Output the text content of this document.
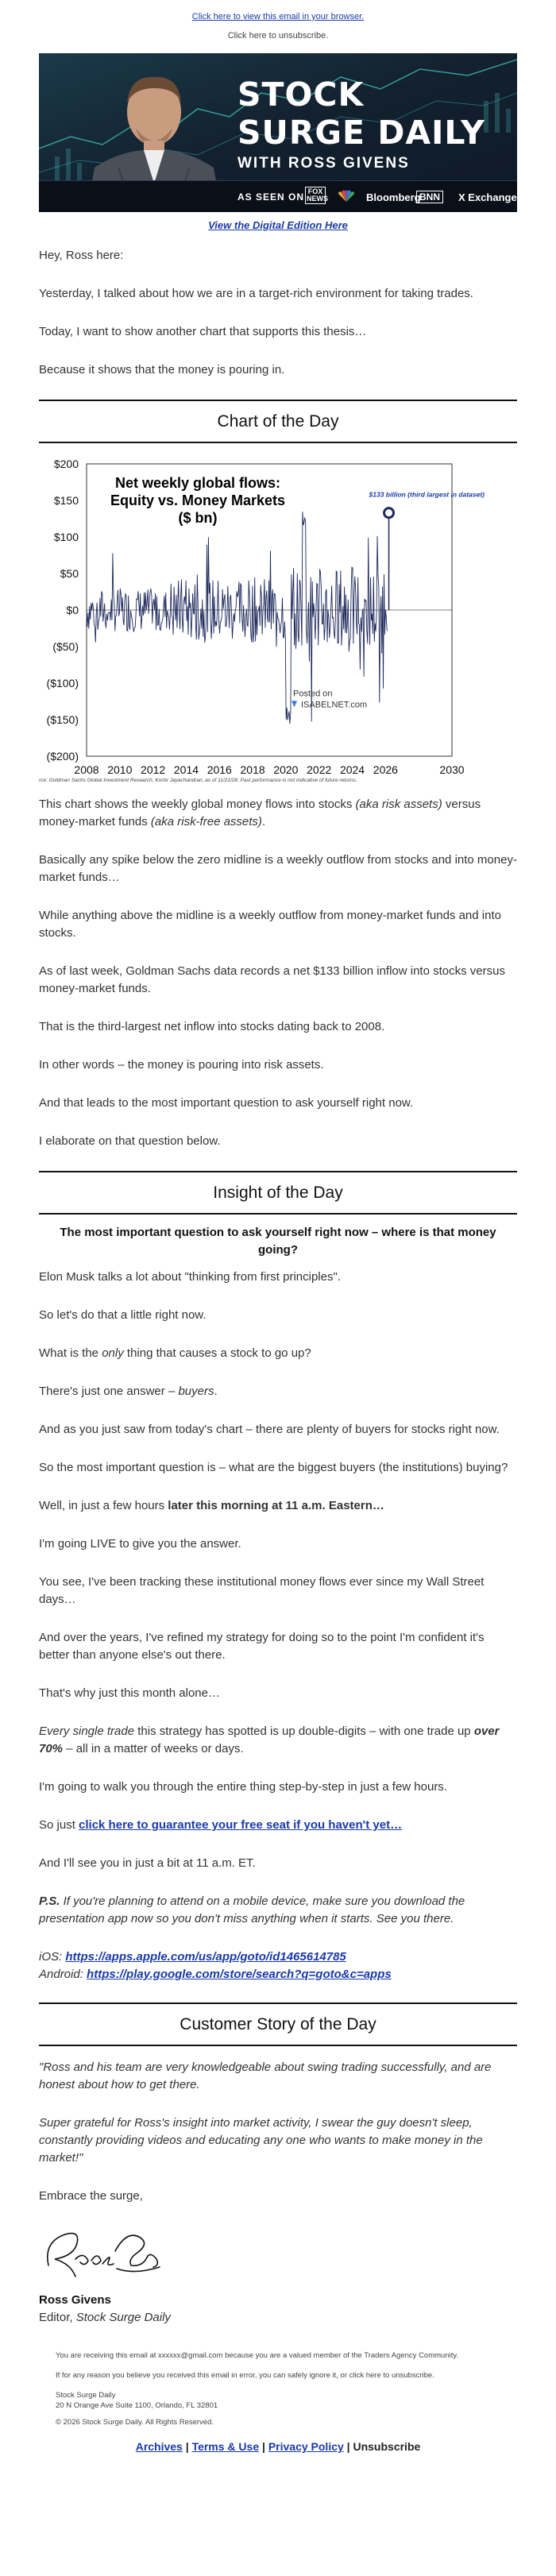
Click here to view this email in your browser.
Click here to unsubscribe.
STOCK
SURGE DAILY
WITH ROSS GIVENS
AS SEEN ON FOX NEWS	Bloomberg
BNN	X Exchange
View the Digital Edition Here

Hey, Ross here:

Yesterday, I talked about how we are in a target-rich environment for taking trades.

Today, I want to show another chart that supports this thesis…

Because it shows that the money is pouring in.

Chart of the Day
$200
$150
$100
$50
$0
($50)
($100)
($150)
($200)
2008 2010 2012 2014 2016 2018 2020 2022 2024 2026	2030
$133 billion (third largest in dataset)
Net weekly global flows:
Equity vs. Money Markets
($ bn)
Posted on
ISABELNET.com
rce: Goldman Sachs Global Investment Research, Kortix Jayachandran, as of 11/21/28. Past performance is not indicative of future returns.

This chart shows the weekly global money flows into stocks (aka risk assets) versus money-market funds (aka risk-free assets).

Basically any spike below the zero midline is a weekly outflow from stocks and into money-market funds…

While anything above the midline is a weekly outflow from money-market funds and into stocks.

As of last week, Goldman Sachs data records a net $133 billion inflow into stocks versus money-market funds.

That is the third-largest net inflow into stocks dating back to 2008.

In other words – the money is pouring into risk assets.

And that leads to the most important question to ask yourself right now.

I elaborate on that question below.

Insight of the Day

The most important question to ask yourself right now – where is that money going?

Elon Musk talks a lot about "thinking from first principles".

So let's do that a little right now.

What is the only thing that causes a stock to go up?

There's just one answer – buyers.

And as you just saw from today's chart – there are plenty of buyers for stocks right now.

So the most important question is – what are the biggest buyers (the institutions) buying?

Well, in just a few hours later this morning at 11 a.m. Eastern…

I'm going LIVE to give you the answer.

You see, I've been tracking these institutional money flows ever since my Wall Street days…

And over the years, I've refined my strategy for doing so to the point I'm confident it's better than anyone else's out there.

That's why just this month alone…

Every single trade this strategy has spotted is up double-digits – with one trade up over 70% – all in a matter of weeks or days.

I'm going to walk you through the entire thing step-by-step in just a few hours.

So just click here to guarantee your free seat if you haven't yet…

And I'll see you in just a bit at 11 a.m. ET.

P.S. If you're planning to attend on a mobile device, make sure you download the presentation app now so you don't miss anything when it starts. See you there.

iOS: https://apps.apple.com/us/app/goto/id1465614785

Android: https://play.google.com/store/search?q=goto&c=apps

Customer Story of the Day

"Ross and his team are very knowledgeable about swing trading successfully, and are honest about how to get there.

Super grateful for Ross's insight into market activity, I swear the guy doesn't sleep, constantly providing videos and educating any one who wants to make money in the market!"

Embrace the surge,

Ross Givens

Ross Givens

Editor, Stock Surge Daily

You are receiving this email at xxxxxx@gmail.com because you are a valued member of the Traders Agency Community.

If for any reason you believe you received this email in error, you can safely ignore it, or click here to unsubscribe.

Stock Surge Daily

20 N Orange Ave Suite 1100, Orlando, FL 32801

© 2026 Stock Surge Daily. All Rights Reserved.

Archives | Terms & Use | Privacy Policy | Unsubscribe
